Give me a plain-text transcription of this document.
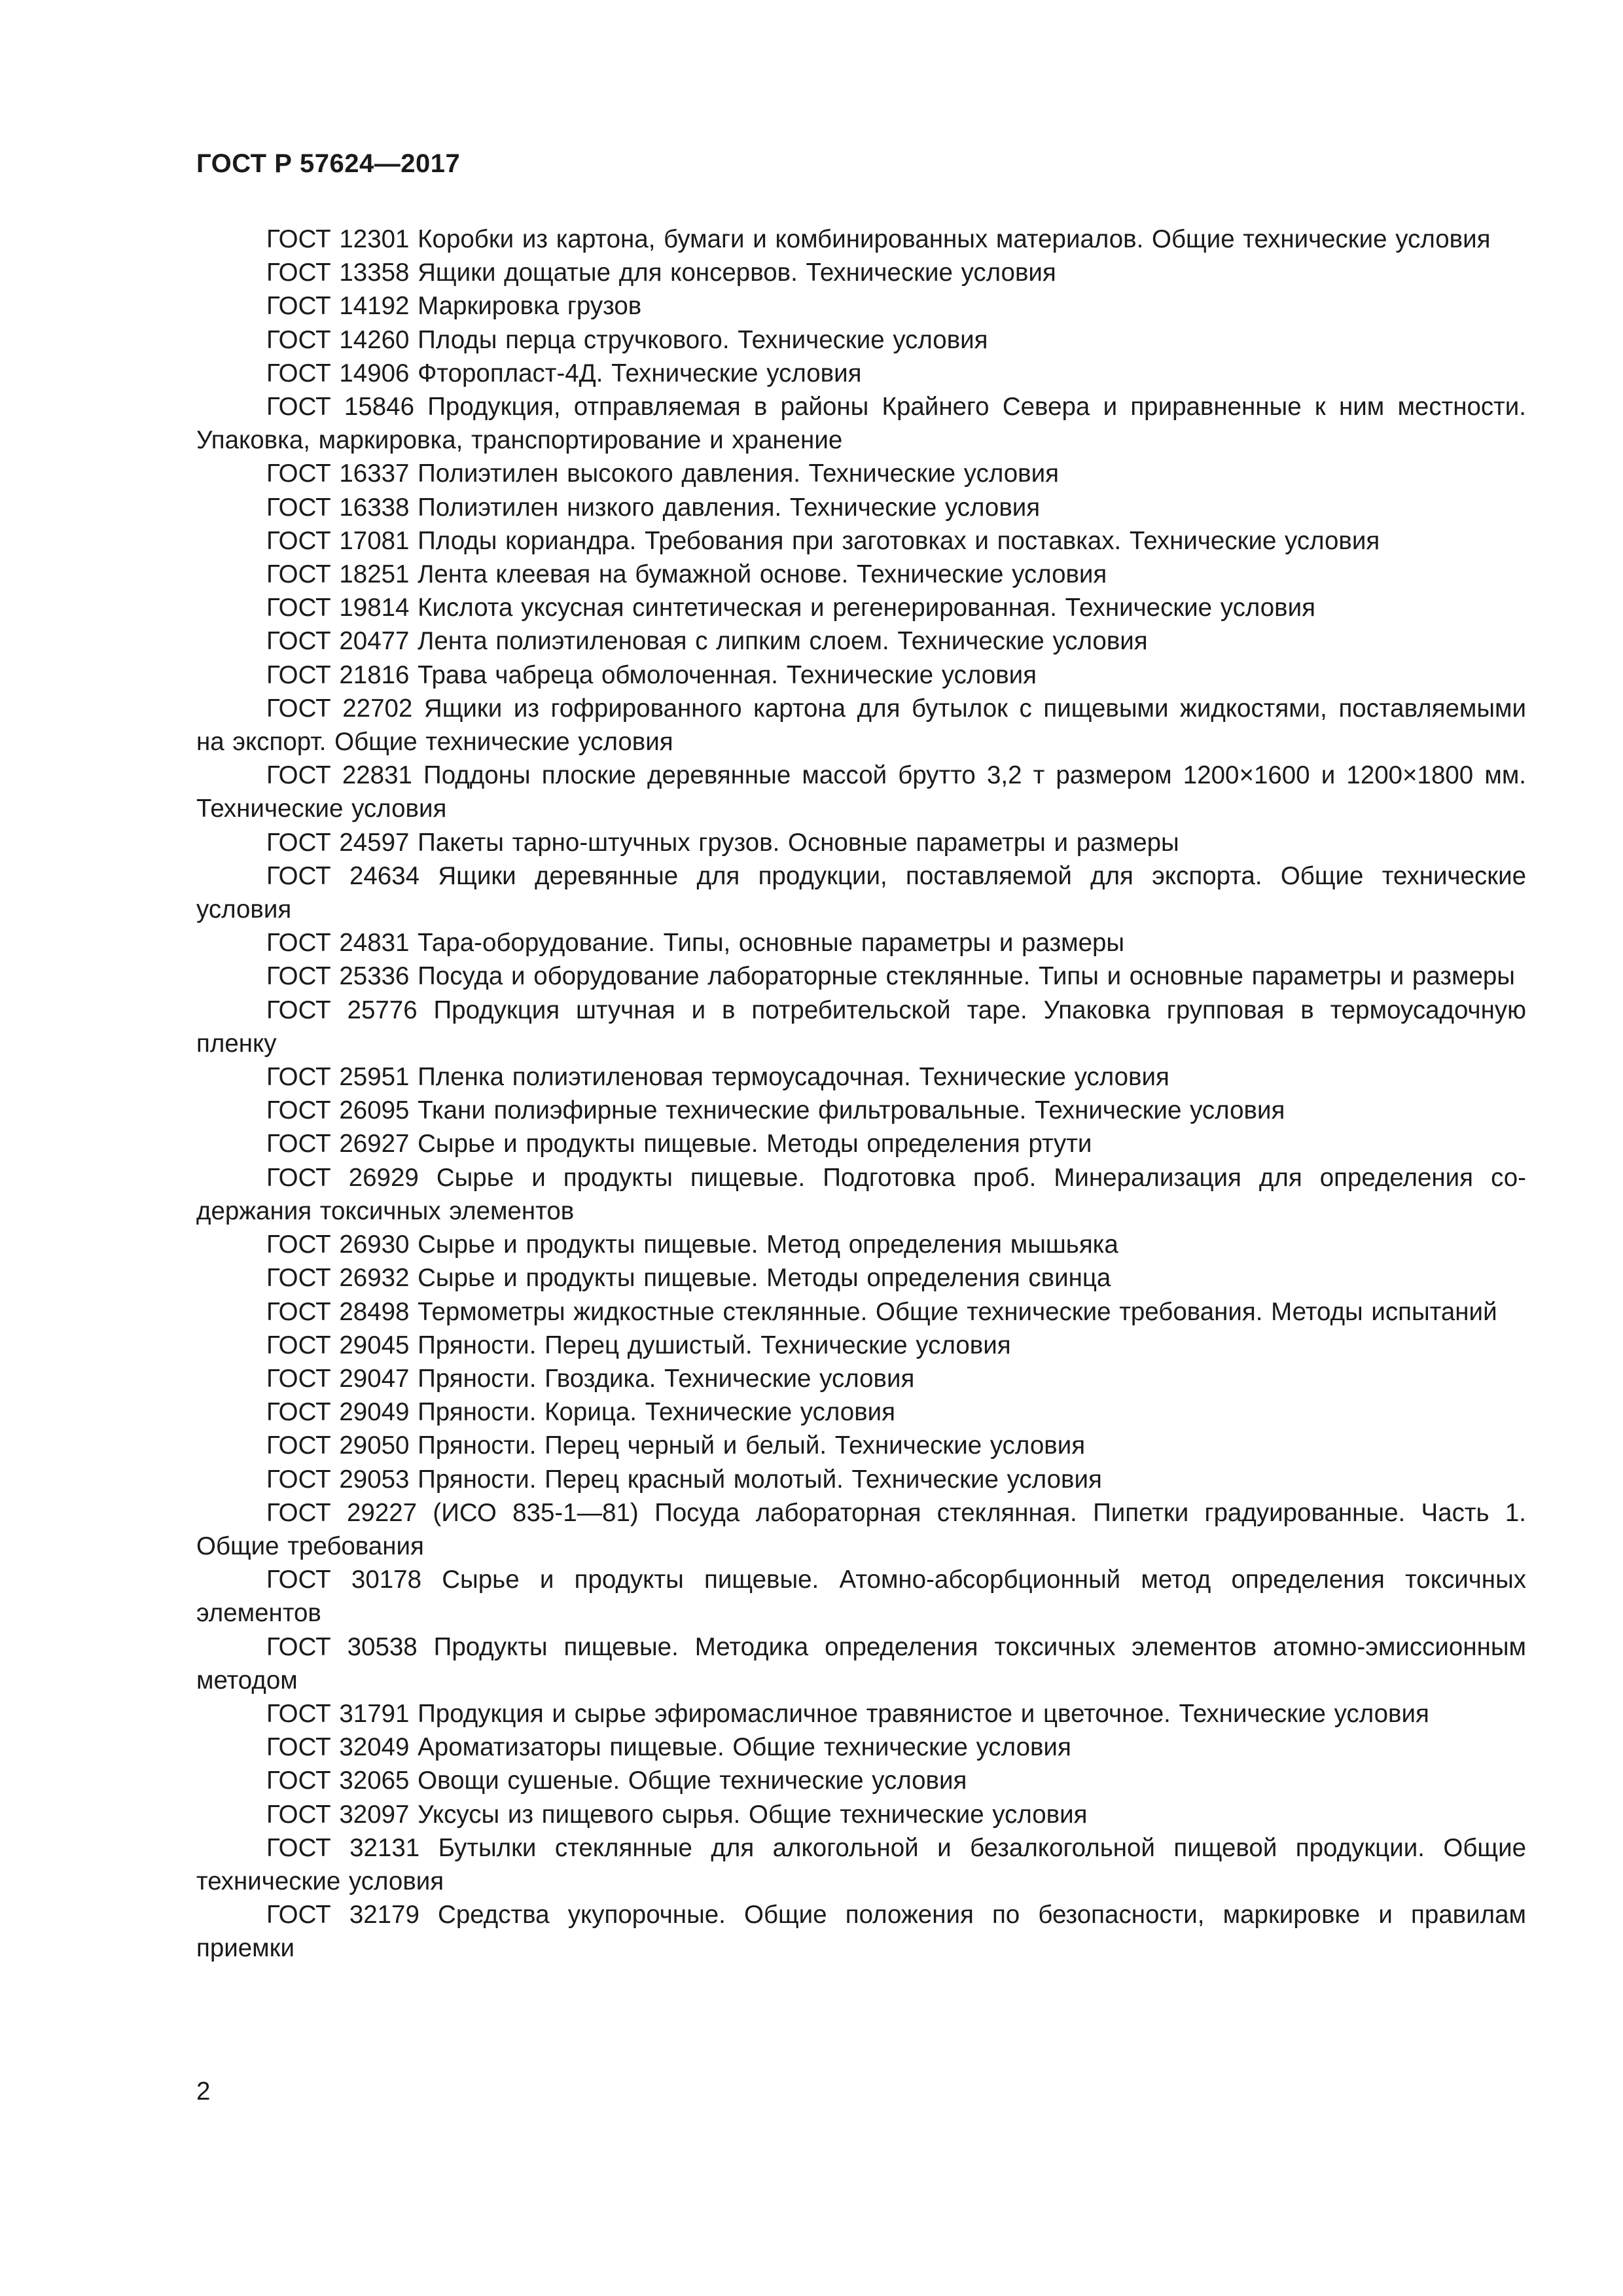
ГОСТ Р 57624—2017

ГОСТ 12301 Коробки из картона, бумаги и комбинированных материалов. Общие технические условия

ГОСТ 13358 Ящики дощатые для консервов. Технические условия

ГОСТ 14192 Маркировка грузов

ГОСТ 14260 Плоды перца стручкового. Технические условия

ГОСТ 14906 Фторопласт-4Д. Технические условия

ГОСТ 15846 Продукция, отправляемая в районы Крайнего Севера и приравненные к ним местности. Упаковка, маркировка, транспортирование и хранение

ГОСТ 16337 Полиэтилен высокого давления. Технические условия

ГОСТ 16338 Полиэтилен низкого давления. Технические условия

ГОСТ 17081 Плоды кориандра. Требования при заготовках и поставках. Технические условия

ГОСТ 18251 Лента клеевая на бумажной основе. Технические условия

ГОСТ 19814 Кислота уксусная синтетическая и регенерированная. Технические условия

ГОСТ 20477 Лента полиэтиленовая с липким слоем. Технические условия

ГОСТ 21816 Трава чабреца обмолоченная. Технические условия

ГОСТ 22702 Ящики из гофрированного картона для бутылок с пищевыми жидкостями, поставляемыми на экспорт. Общие технические условия

ГОСТ 22831 Поддоны плоские деревянные массой брутто 3,2 т размером 1200×1600 и 1200×1800 мм. Технические условия

ГОСТ 24597 Пакеты тарно-штучных грузов. Основные параметры и размеры

ГОСТ 24634 Ящики деревянные для продукции, поставляемой для экспорта. Общие технические условия

ГОСТ 24831 Тара-оборудование. Типы, основные параметры и размеры

ГОСТ 25336 Посуда и оборудование лабораторные стеклянные. Типы и основные параметры и размеры

ГОСТ 25776 Продукция штучная и в потребительской таре. Упаковка групповая в термоусадочную пленку

ГОСТ 25951 Пленка полиэтиленовая термоусадочная. Технические условия

ГОСТ 26095 Ткани полиэфирные технические фильтровальные. Технические условия

ГОСТ 26927 Сырье и продукты пищевые. Методы определения ртути

ГОСТ 26929 Сырье и продукты пищевые. Подготовка проб. Минерализация для определения содержания токсичных элементов

ГОСТ 26930 Сырье и продукты пищевые. Метод определения мышьяка

ГОСТ 26932 Сырье и продукты пищевые. Методы определения свинца

ГОСТ 28498 Термометры жидкостные стеклянные. Общие технические требования. Методы испытаний

ГОСТ 29045 Пряности. Перец душистый. Технические условия

ГОСТ 29047 Пряности. Гвоздика. Технические условия

ГОСТ 29049 Пряности. Корица. Технические условия

ГОСТ 29050 Пряности. Перец черный и белый. Технические условия

ГОСТ 29053 Пряности. Перец красный молотый. Технические условия

ГОСТ 29227 (ИСО 835-1—81) Посуда лабораторная стеклянная. Пипетки градуированные. Часть 1. Общие требования

ГОСТ 30178 Сырье и продукты пищевые. Атомно-абсорбционный метод определения токсичных элементов

ГОСТ 30538 Продукты пищевые. Методика определения токсичных элементов атомно-эмиссионным методом

ГОСТ 31791 Продукция и сырье эфиромасличное травянистое и цветочное. Технические условия

ГОСТ 32049 Ароматизаторы пищевые. Общие технические условия

ГОСТ 32065 Овощи сушеные. Общие технические условия

ГОСТ 32097 Уксусы из пищевого сырья. Общие технические условия

ГОСТ 32131 Бутылки стеклянные для алкогольной и безалкогольной пищевой продукции. Общие технические условия

ГОСТ 32179 Средства укупорочные. Общие положения по безопасности, маркировке и правилам приемки

2
